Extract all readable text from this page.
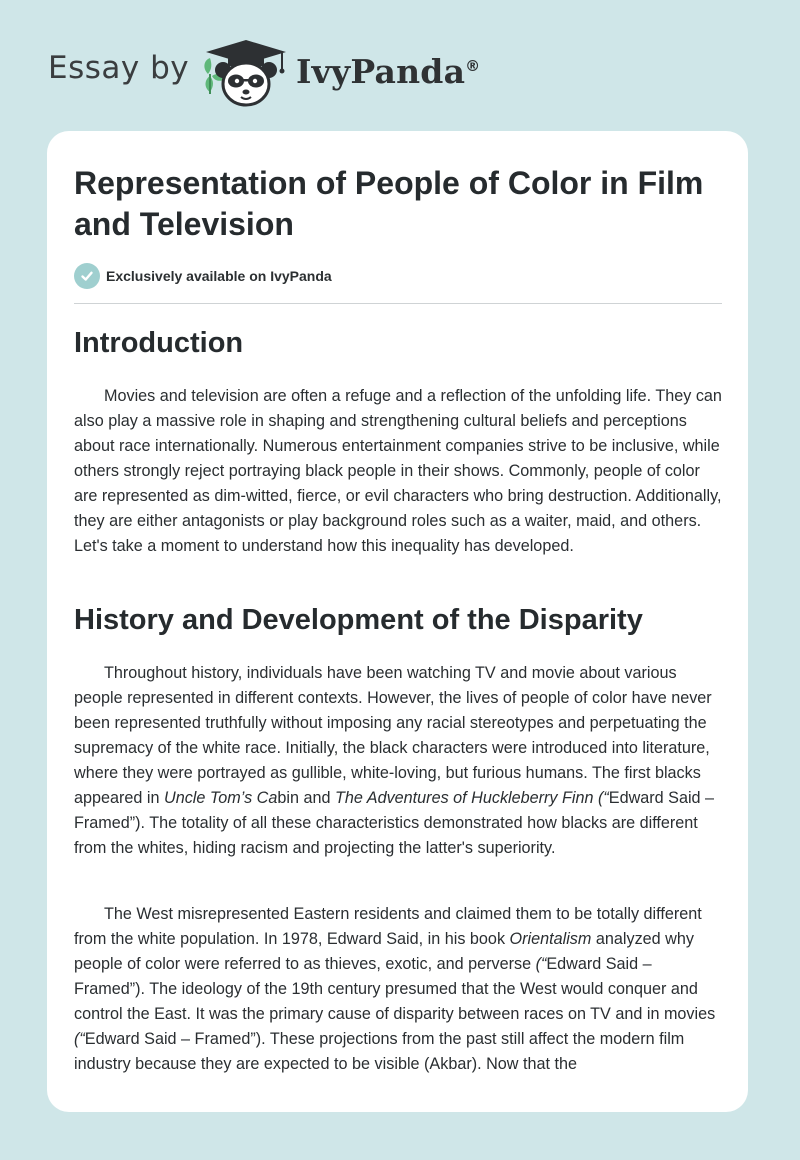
Essay by	IvyPanda®
Representation of People of Color in Film and Television
Exclusively available on IvyPanda
Introduction

Movies and television are often a refuge and a reflection of the unfolding life. They can also play a massive role in shaping and strengthening cultural beliefs and perceptions about race internationally. Numerous entertainment companies strive to be inclusive, while others strongly reject portraying black people in their shows. Commonly, people of color are represented as dim-witted, fierce, or evil characters who bring destruction. Additionally, they are either antagonists or play background roles such as a waiter, maid, and others. Let's take a moment to understand how this inequality has developed.

History and Development of the Disparity

Throughout history, individuals have been watching TV and movie about various people represented in different contexts. However, the lives of people of color have never been represented truthfully without imposing any racial stereotypes and perpetuating the supremacy of the white race. Initially, the black characters were introduced into literature, where they were portrayed as gullible, white-loving, but furious humans. The first blacks appeared in Uncle Tom’s Cabin and The Adventures of Huckleberry Finn (“Edward Said – Framed”). The totality of all these characteristics demonstrated how blacks are different from the whites, hiding racism and projecting the latter's superiority.

The West misrepresented Eastern residents and claimed them to be totally different from the white population. In 1978, Edward Said, in his book Orientalism analyzed why people of color were referred to as thieves, exotic, and perverse (“Edward Said – Framed”). The ideology of the 19th century presumed that the West would conquer and control the East. It was the primary cause of disparity between races on TV and in movies (“Edward Said – Framed”). These projections from the past still affect the modern film industry because they are expected to be visible (Akbar). Now that the
